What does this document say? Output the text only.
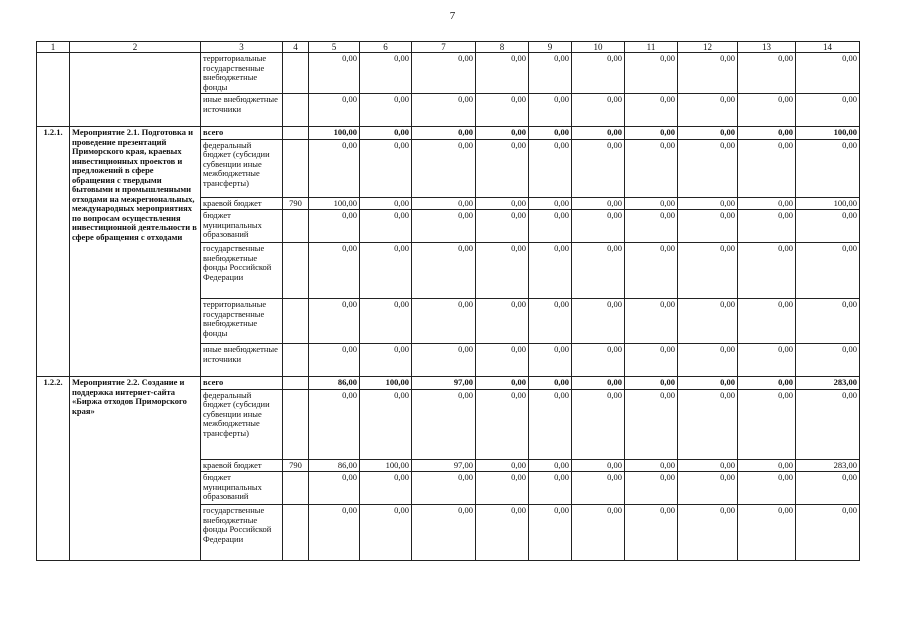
7
1	2	3	4	5	6	7	8	9	10	11	12	13	14
		территориальные государственные внебюджетные фонды		0,00	0,00	0,00	0,00	0,00	0,00	0,00	0,00	0,00	0,00
		иные внебюджетные источники		0,00	0,00	0,00	0,00	0,00	0,00	0,00	0,00	0,00	0,00
1.2.1.	Мероприятие 2.1. Подготовка и проведение презентаций Приморского края, краевых инвестиционных проектов и предложений в сфере обращения с твердыми бытовыми и промышленными отходами на межрегиональных, международных мероприятиях по вопросам осуществления инвестиционной деятельности в сфере обращения с отходами	всего		100,00	0,00	0,00	0,00	0,00	0,00	0,00	0,00	0,00	100,00
		федеральный бюджет (субсидии субвенции иные межбюджетные трансферты)		0,00	0,00	0,00	0,00	0,00	0,00	0,00	0,00	0,00	0,00
		краевой бюджет	790	100,00	0,00	0,00	0,00	0,00	0,00	0,00	0,00	0,00	100,00
		бюджет муниципальных образований		0,00	0,00	0,00	0,00	0,00	0,00	0,00	0,00	0,00	0,00
		государственные внебюджетные фонды Российской Федерации		0,00	0,00	0,00	0,00	0,00	0,00	0,00	0,00	0,00	0,00
		территориальные государственные внебюджетные фонды		0,00	0,00	0,00	0,00	0,00	0,00	0,00	0,00	0,00	0,00
		иные внебюджетные источники		0,00	0,00	0,00	0,00	0,00	0,00	0,00	0,00	0,00	0,00
1.2.2.	Мероприятие 2.2. Создание и поддержка интернет-сайта «Биржа отходов Приморского края»	всего		86,00	100,00	97,00	0,00	0,00	0,00	0,00	0,00	0,00	283,00
		федеральный бюджет (субсидии субвенции иные межбюджетные трансферты)		0,00	0,00	0,00	0,00	0,00	0,00	0,00	0,00	0,00	0,00
		краевой бюджет	790	86,00	100,00	97,00	0,00	0,00	0,00	0,00	0,00	0,00	283,00
		бюджет муниципальных образований		0,00	0,00	0,00	0,00	0,00	0,00	0,00	0,00	0,00	0,00
		государственные внебюджетные фонды Российской Федерации		0,00	0,00	0,00	0,00	0,00	0,00	0,00	0,00	0,00	0,00
